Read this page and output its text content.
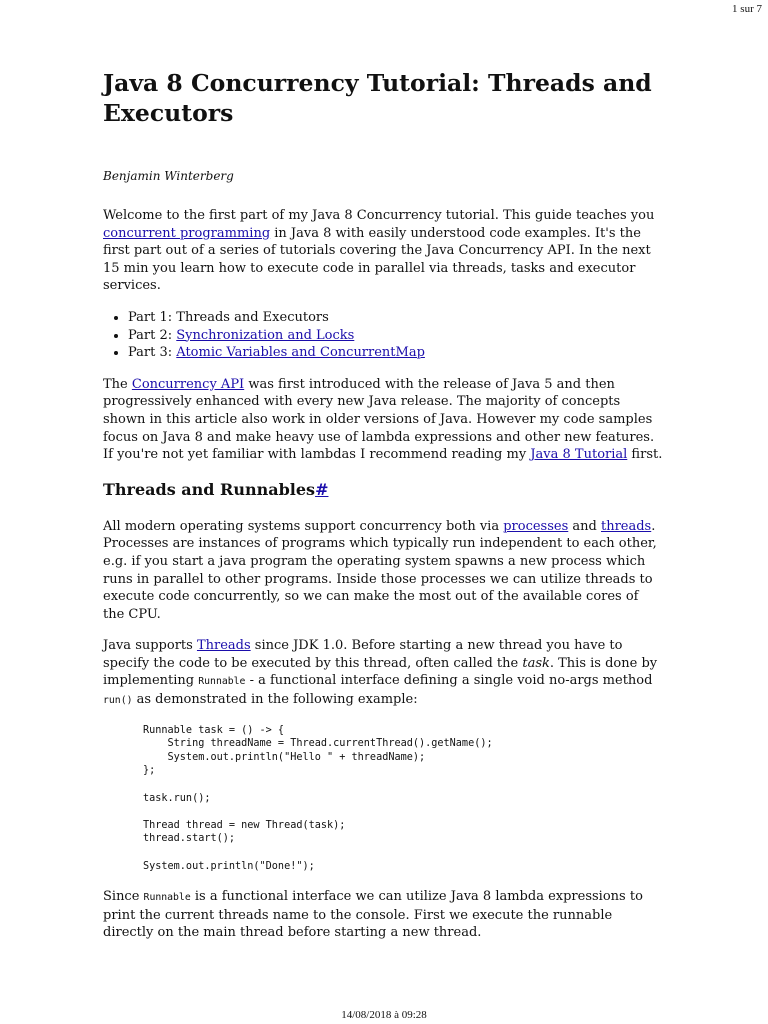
1 sur 7
Java 8 Concurrency Tutorial: Threads and Executors
Benjamin Winterberg

Welcome to the first part of my Java 8 Concurrency tutorial. This guide teaches you concurrent programming in Java 8 with easily understood code examples. It's the first part out of a series of tutorials covering the Java Concurrency API. In the next 15 min you learn how to execute code in parallel via threads, tasks and executor services.

• Part 1: Threads and Executors
• Part 2: Synchronization and Locks
• Part 3: Atomic Variables and ConcurrentMap

The Concurrency API was first introduced with the release of Java 5 and then progressively enhanced with every new Java release. The majority of concepts shown in this article also work in older versions of Java. However my code samples focus on Java 8 and make heavy use of lambda expressions and other new features. If you're not yet familiar with lambdas I recommend reading my Java 8 Tutorial first.

Threads and Runnables#

All modern operating systems support concurrency both via processes and threads. Processes are instances of programs which typically run independent to each other, e.g. if you start a java program the operating system spawns a new process which runs in parallel to other programs. Inside those processes we can utilize threads to execute code concurrently, so we can make the most out of the available cores of the CPU.

Java supports Threads since JDK 1.0. Before starting a new thread you have to specify the code to be executed by this thread, often called the task. This is done by implementing Runnable - a functional interface defining a single void no-args method run() as demonstrated in the following example:

Runnable task = () -> {
String threadName = Thread.currentThread().getName();
System.out.println("Hello " + threadName);
};

task.run();

Thread thread = new Thread(task);
thread.start();

System.out.println("Done!");

Since Runnable is a functional interface we can utilize Java 8 lambda expressions to print the current threads name to the console. First we execute the runnable directly on the main thread before starting a new thread.

14/08/2018 à 09:28
